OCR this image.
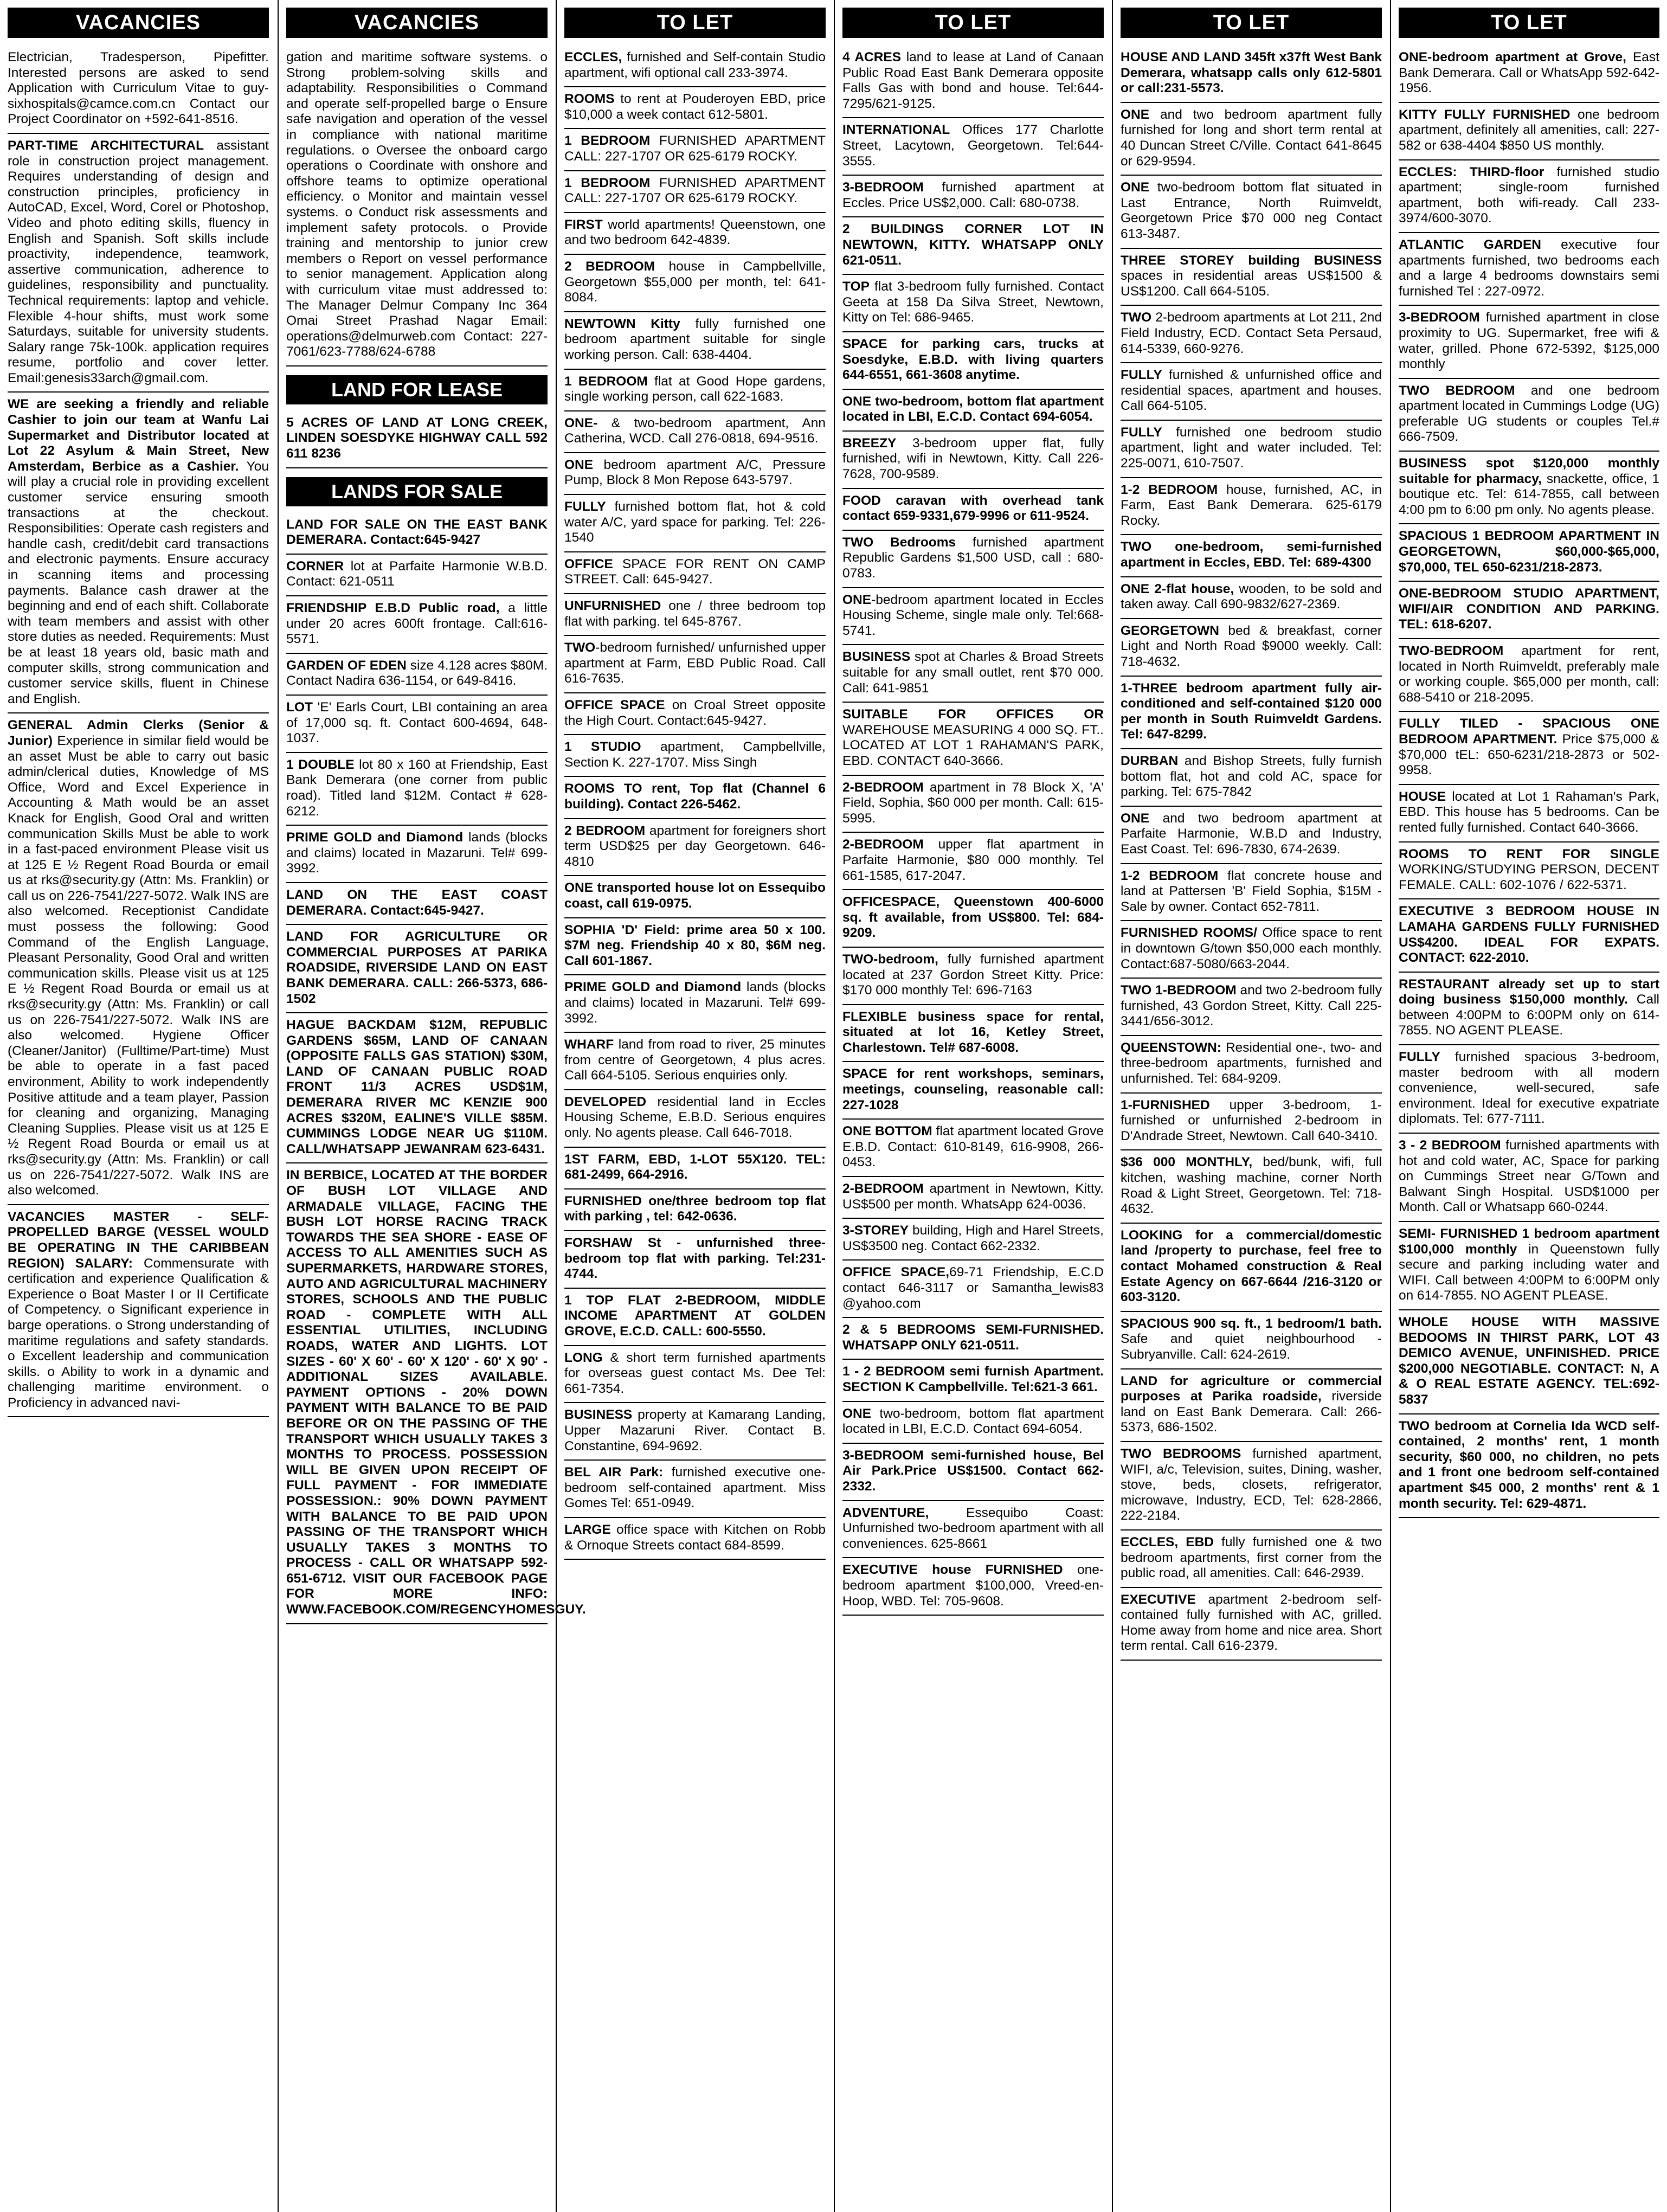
VACANCIES
Electrician, Tradesperson, Pipefitter. Interested persons are asked to send Application with Curriculum Vitae to guy-sixhospitals@camce.com.cn Contact our Project Coordinator on +592-641-8516.
PART-TIME ARCHITECTURAL assistant role in construction project management. Requires understanding of design and construction principles, proficiency in AutoCAD, Excel, Word, Corel or Photoshop, Video and photo editing skills, fluency in English and Spanish. Soft skills include proactivity, independence, teamwork, assertive communication, adherence to guidelines, responsibility and punctuality. Technical requirements: laptop and vehicle. Flexible 4-hour shifts, must work some Saturdays, suitable for university students. Salary range 75k-100k. application requires resume, portfolio and cover letter. Email:genesis33arch@gmail.com.
WE are seeking a friendly and reliable Cashier to join our team at Wanfu Lai Supermarket and Distributor located at Lot 22 Asylum & Main Street, New Amsterdam, Berbice as a Cashier. You will play a crucial role in providing excellent customer service ensuring smooth transactions at the checkout. Responsibilities: Operate cash registers and handle cash, credit/debit card transactions and electronic payments. Ensure accuracy in scanning items and processing payments. Balance cash drawer at the beginning and end of each shift. Collaborate with team members and assist with other store duties as needed. Requirements: Must be at least 18 years old, basic math and computer skills, strong communication and customer service skills, fluent in Chinese and English.
GENERAL Admin Clerks (Senior & Junior) Experience in similar field would be an asset Must be able to carry out basic admin/clerical duties, Knowledge of MS Office, Word and Excel Experience in Accounting & Math would be an asset Knack for English, Good Oral and written communication Skills Must be able to work in a fast-paced environment Please visit us at 125 E ½ Regent Road Bourda or email us at rks@security.gy (Attn: Ms. Franklin) or call us on 226-7541/227-5072. Walk INS are also welcomed. Receptionist Candidate must possess the following: Good Command of the English Language, Pleasant Personality, Good Oral and written communication skills. Please visit us at 125 E ½ Regent Road Bourda or email us at rks@security.gy (Attn: Ms. Franklin) or call us on 226-7541/227-5072. Walk INS are also welcomed. Hygiene Officer (Cleaner/Janitor) (Fulltime/Part-time) Must be able to operate in a fast paced environment, Ability to work independently Positive attitude and a team player, Passion for cleaning and organizing, Managing Cleaning Supplies. Please visit us at 125 E ½ Regent Road Bourda or email us at rks@security.gy (Attn: Ms. Franklin) or call us on 226-7541/227-5072. Walk INS are also welcomed.
VACANCIES MASTER - SELF-PROPELLED BARGE (VESSEL WOULD BE OPERATING IN THE CARIBBEAN REGION) SALARY: Commensurate with certification and experience Qualification & Experience o Boat Master I or II Certificate of Competency. o Significant experience in barge operations. o Strong understanding of maritime regulations and safety standards. o Excellent leadership and communication skills. o Ability to work in a dynamic and challenging maritime environment. o Proficiency in advanced navi-
VACANCIES
gation and maritime software systems. o Strong problem-solving skills and adaptability. Responsibilities o Command and operate self-propelled barge o Ensure safe navigation and operation of the vessel in compliance with national maritime regulations. o Oversee the onboard cargo operations o Coordinate with onshore and offshore teams to optimize operational efficiency. o Monitor and maintain vessel systems. o Conduct risk assessments and implement safety protocols. o Provide training and mentorship to junior crew members o Report on vessel performance to senior management. Application along with curriculum vitae must addressed to: The Manager Delmur Company Inc 364 Omai Street Prashad Nagar Email: operations@delmurweb.com Contact: 227-7061/623-7788/624-6788
LAND FOR LEASE
5 ACRES OF LAND AT LONG CREEK, LINDEN SOESDYKE HIGHWAY CALL 592 611 8236
LANDS FOR SALE
LAND FOR SALE ON THE EAST BANK DEMERARA. Contact:645-9427
CORNER lot at Parfaite Harmonie W.B.D. Contact: 621-0511
FRIENDSHIP E.B.D Public road, a little under 20 acres 600ft frontage. Call:616-5571.
GARDEN OF EDEN size 4.128 acres $80M. Contact Nadira 636-1154, or 649-8416.
LOT 'E' Earls Court, LBI containing an area of 17,000 sq. ft. Contact 600-4694, 648-1037.
1 DOUBLE lot 80 x 160 at Friendship, East Bank Demerara (one corner from public road). Titled land $12M. Contact # 628-6212.
PRIME GOLD and Diamond lands (blocks and claims) located in Mazaruni. Tel# 699-3992.
LAND ON THE EAST COAST DEMERARA. Contact:645-9427.
LAND FOR AGRICULTURE OR COMMERCIAL PURPOSES AT PARIKA ROADSIDE, RIVERSIDE LAND ON EAST BANK DEMERARA. CALL: 266-5373, 686-1502
HAGUE BACKDAM $12M, REPUBLIC GARDENS $65M, LAND OF CANAAN (OPPOSITE FALLS GAS STATION) $30M, LAND OF CANAAN PUBLIC ROAD FRONT 11/3 ACRES USD$1M, DEMERARA RIVER MC KENZIE 900 ACRES $320M, EALINE'S VILLE $85M. CUMMINGS LODGE NEAR UG $110M. CALL/WHATSAPP JEWANRAM 623-6431.
IN BERBICE, LOCATED AT THE BORDER OF BUSH LOT VILLAGE AND ARMADALE VILLAGE, FACING THE BUSH LOT HORSE RACING TRACK TOWARDS THE SEA SHORE - EASE OF ACCESS TO ALL AMENITIES SUCH AS SUPERMARKETS, HARDWARE STORES, AUTO AND AGRICULTURAL MACHINERY STORES, SCHOOLS AND THE PUBLIC ROAD - COMPLETE WITH ALL ESSENTIAL UTILITIES, INCLUDING ROADS, WATER AND LIGHTS. LOT SIZES - 60' X 60' - 60' X 120' - 60' X 90' - ADDITIONAL SIZES AVAILABLE. PAYMENT OPTIONS - 20% DOWN PAYMENT WITH BALANCE TO BE PAID BEFORE OR ON THE PASSING OF THE TRANSPORT WHICH USUALLY TAKES 3 MONTHS TO PROCESS. POSSESSION WILL BE GIVEN UPON RECEIPT OF FULL PAYMENT - FOR IMMEDIATE POSSESSION.: 90% DOWN PAYMENT WITH BALANCE TO BE PAID UPON PASSING OF THE TRANSPORT WHICH USUALLY TAKES 3 MONTHS TO PROCESS - CALL OR WHATSAPP 592-651-6712. VISIT OUR FACEBOOK PAGE FOR MORE INFO: WWW.FACEBOOK.COM/REGENCYHOMESGUY.
TO LET
ECCLES, furnished and Self-contain Studio apartment, wifi optional call 233-3974.
ROOMS to rent at Pouderoyen EBD, price $10,000 a week contact 612-5801.
1 BEDROOM FURNISHED APARTMENT CALL: 227-1707 OR 625-6179 ROCKY.
1 BEDROOM FURNISHED APARTMENT CALL: 227-1707 OR 625-6179 ROCKY.
FIRST world apartments! Queenstown, one and two bedroom 642-4839.
2 BEDROOM house in Campbellville, Georgetown $55,000 per month, tel: 641-8084.
NEWTOWN Kitty fully furnished one bedroom apartment suitable for single working person. Call: 638-4404.
1 BEDROOM flat at Good Hope gardens, single working person, call 622-1683.
ONE- & two-bedroom apartment, Ann Catherina, WCD. Call 276-0818, 694-9516.
ONE bedroom apartment A/C, Pressure Pump, Block 8 Mon Repose 643-5797.
FULLY furnished bottom flat, hot & cold water A/C, yard space for parking. Tel: 226-1540
OFFICE SPACE FOR RENT ON CAMP STREET. Call: 645-9427.
UNFURNISHED one / three bedroom top flat with parking. tel 645-8767.
TWO-bedroom furnished/ unfurnished upper apartment at Farm, EBD Public Road. Call 616-7635.
OFFICE SPACE on Croal Street opposite the High Court. Contact:645-9427.
1 STUDIO apartment, Campbellville, Section K. 227-1707. Miss Singh
ROOMS TO rent, Top flat (Channel 6 building). Contact 226-5462.
2 BEDROOM apartment for foreigners short term USD$25 per day Georgetown. 646-4810
ONE transported house lot on Essequibo coast, call 619-0975.
SOPHIA 'D' Field: prime area 50 x 100. $7M neg. Friendship 40 x 80, $6M neg. Call 601-1867.
PRIME GOLD and Diamond lands (blocks and claims) located in Mazaruni. Tel# 699-3992.
WHARF land from road to river, 25 minutes from centre of Georgetown, 4 plus acres. Call 664-5105. Serious enquiries only.
DEVELOPED residential land in Eccles Housing Scheme, E.B.D. Serious enquires only. No agents please. Call 646-7018.
1ST FARM, EBD, 1-LOT 55X120. TEL: 681-2499, 664-2916.
FURNISHED one/three bedroom top flat with parking , tel: 642-0636.
FORSHAW St - unfurnished three-bedroom top flat with parking. Tel:231-4744.
1 TOP FLAT 2-BEDROOM, MIDDLE INCOME APARTMENT AT GOLDEN GROVE, E.C.D. CALL: 600-5550.
LONG & short term furnished apartments for overseas guest contact Ms. Dee Tel: 661-7354.
BUSINESS property at Kamarang Landing, Upper Mazaruni River. Contact B. Constantine, 694-9692.
BEL AIR Park: furnished executive one-bedroom self-contained apartment. Miss Gomes Tel: 651-0949.
LARGE office space with Kitchen on Robb & Ornoque Streets contact 684-8599.
TO LET
4 ACRES land to lease at Land of Canaan Public Road East Bank Demerara opposite Falls Gas with bond and house. Tel:644-7295/621-9125.
INTERNATIONAL Offices 177 Charlotte Street, Lacytown, Georgetown. Tel:644-3555.
3-BEDROOM furnished apartment at Eccles. Price US$2,000. Call: 680-0738.
2 BUILDINGS CORNER LOT IN NEWTOWN, KITTY. WHATSAPP ONLY 621-0511.
TOP flat 3-bedroom fully furnished. Contact Geeta at 158 Da Silva Street, Newtown, Kitty on Tel: 686-9465.
SPACE for parking cars, trucks at Soesdyke, E.B.D. with living quarters 644-6551, 661-3608 anytime.
ONE two-bedroom, bottom flat apartment located in LBI, E.C.D. Contact 694-6054.
BREEZY 3-bedroom upper flat, fully furnished, wifi in Newtown, Kitty. Call 226-7628, 700-9589.
FOOD caravan with overhead tank contact 659-9331,679-9996 or 611-9524.
TWO Bedrooms furnished apartment Republic Gardens $1,500 USD, call : 680-0783.
ONE-bedroom apartment located in Eccles Housing Scheme, single male only. Tel:668-5741.
BUSINESS spot at Charles & Broad Streets suitable for any small outlet, rent $70 000. Call: 641-9851
SUITABLE FOR OFFICES OR WAREHOUSE MEASURING 4 000 SQ. FT.. LOCATED AT LOT 1 RAHAMAN'S PARK, EBD. CONTACT 640-3666.
2-BEDROOM apartment in 78 Block X, 'A' Field, Sophia, $60 000 per month. Call: 615-5995.
2-BEDROOM upper flat apartment in Parfaite Harmonie, $80 000 monthly. Tel 661-1585, 617-2047.
OFFICESPACE, Queenstown 400-6000 sq. ft available, from US$800. Tel: 684-9209.
TWO-bedroom, fully furnished apartment located at 237 Gordon Street Kitty. Price: $170 000 monthly Tel: 696-7163
FLEXIBLE business space for rental, situated at lot 16, Ketley Street, Charlestown. Tel# 687-6008.
SPACE for rent workshops, seminars, meetings, counseling, reasonable call: 227-1028
ONE BOTTOM flat apartment located Grove E.B.D. Contact: 610-8149, 616-9908, 266-0453.
2-BEDROOM apartment in Newtown, Kitty. US$500 per month. WhatsApp 624-0036.
3-STOREY building, High and Harel Streets, US$3500 neg. Contact 662-2332.
OFFICE SPACE,69-71 Friendship, E.C.D contact 646-3117 or Samantha_lewis83 @yahoo.com
2 & 5 BEDROOMS SEMI-FURNISHED. WHATSAPP ONLY 621-0511.
1 - 2 BEDROOM semi furnish Apartment. SECTION K Campbellville. Tel:621-3 661.
ONE two-bedroom, bottom flat apartment located in LBI, E.C.D. Contact 694-6054.
3-BEDROOM semi-furnished house, Bel Air Park.Price US$1500. Contact 662-2332.
ADVENTURE, Essequibo Coast: Unfurnished two-bedroom apartment with all conveniences. 625-8661
EXECUTIVE house FURNISHED one-bedroom apartment $100,000, Vreed-en-Hoop, WBD. Tel: 705-9608.
TO LET
HOUSE AND LAND 345ft x37ft West Bank Demerara, whatsapp calls only 612-5801 or call:231-5573.
ONE and two bedroom apartment fully furnished for long and short term rental at 40 Duncan Street C/Ville. Contact 641-8645 or 629-9594.
ONE two-bedroom bottom flat situated in Last Entrance, North Ruimveldt, Georgetown Price $70 000 neg Contact 613-3487.
THREE STOREY building BUSINESS spaces in residential areas US$1500 & US$1200. Call 664-5105.
TWO 2-bedroom apartments at Lot 211, 2nd Field Industry, ECD. Contact Seta Persaud, 614-5339, 660-9276.
FULLY furnished & unfurnished office and residential spaces, apartment and houses. Call 664-5105.
FULLY furnished one bedroom studio apartment, light and water included. Tel: 225-0071, 610-7507.
1-2 BEDROOM house, furnished, AC, in Farm, East Bank Demerara. 625-6179 Rocky.
TWO one-bedroom, semi-furnished apartment in Eccles, EBD. Tel: 689-4300
ONE 2-flat house, wooden, to be sold and taken away. Call 690-9832/627-2369.
GEORGETOWN bed & breakfast, corner Light and North Road $9000 weekly. Call: 718-4632.
1-THREE bedroom apartment fully air-conditioned and self-contained $120 000 per month in South Ruimveldt Gardens. Tel: 647-8299.
DURBAN and Bishop Streets, fully furnish bottom flat, hot and cold AC, space for parking. Tel: 675-7842
ONE and two bedroom apartment at Parfaite Harmonie, W.B.D and Industry, East Coast. Tel: 696-7830, 674-2639.
1-2 BEDROOM flat concrete house and land at Pattersen 'B' Field Sophia, $15M - Sale by owner. Contact 652-7811.
FURNISHED ROOMS/ Office space to rent in downtown G/town $50,000 each monthly. Contact:687-5080/663-2044.
TWO 1-BEDROOM and two 2-bedroom fully furnished, 43 Gordon Street, Kitty. Call 225- 3441/656-3012.
QUEENSTOWN: Residential one-, two- and three-bedroom apartments, furnished and unfurnished. Tel: 684-9209.
1-FURNISHED upper 3-bedroom, 1-furnished or unfurnished 2-bedroom in D'Andrade Street, Newtown. Call 640-3410.
$36 000 MONTHLY, bed/bunk, wifi, full kitchen, washing machine, corner North Road & Light Street, Georgetown. Tel: 718-4632.
LOOKING for a commercial/domestic land /property to purchase, feel free to contact Mohamed construction & Real Estate Agency on 667-6644 /216-3120 or 603-3120.
SPACIOUS 900 sq. ft., 1 bedroom/1 bath. Safe and quiet neighbourhood - Subryanville. Call: 624-2619.
LAND for agriculture or commercial purposes at Parika roadside, riverside land on East Bank Demerara. Call: 266-5373, 686-1502.
TWO BEDROOMS furnished apartment, WIFI, a/c, Television, suites, Dining, washer, stove, beds, closets, refrigerator, microwave, Industry, ECD, Tel: 628-2866, 222-2184.
ECCLES, EBD fully furnished one & two bedroom apartments, first corner from the public road, all amenities. Call: 646-2939.
EXECUTIVE apartment 2-bedroom self-contained fully furnished with AC, grilled. Home away from home and nice area. Short term rental. Call 616-2379.
TO LET
ONE-bedroom apartment at Grove, East Bank Demerara. Call or WhatsApp 592-642-1956.
KITTY FULLY FURNISHED one bedroom apartment, definitely all amenities, call: 227-582 or 638-4404 $850 US monthly.
ECCLES: THIRD-floor furnished studio apartment; single-room furnished apartment, both wifi-ready. Call 233-3974/600-3070.
ATLANTIC GARDEN executive four apartments furnished, two bedrooms each and a large 4 bedrooms downstairs semi furnished Tel : 227-0972.
3-BEDROOM furnished apartment in close proximity to UG. Supermarket, free wifi & water, grilled. Phone 672-5392, $125,000 monthly
TWO BEDROOM and one bedroom apartment located in Cummings Lodge (UG) preferable UG students or couples Tel.# 666-7509.
BUSINESS spot $120,000 monthly suitable for pharmacy, snackette, office, 1 boutique etc. Tel: 614-7855, call between 4:00 pm to 6:00 pm only. No agents please.
SPACIOUS 1 BEDROOM APARTMENT IN GEORGETOWN, $60,000-$65,000, $70,000, TEL 650-6231/218-2873.
ONE-BEDROOM STUDIO APARTMENT, WIFI/AIR CONDITION AND PARKING. TEL: 618-6207.
TWO-BEDROOM apartment for rent, located in North Ruimveldt, preferably male or working couple. $65,000 per month, call: 688-5410 or 218-2095.
FULLY TILED - SPACIOUS ONE BEDROOM APARTMENT. Price $75,000 & $70,000 tEL: 650-6231/218-2873 or 502-9958.
HOUSE located at Lot 1 Rahaman's Park, EBD. This house has 5 bedrooms. Can be rented fully furnished. Contact 640-3666.
ROOMS TO RENT FOR SINGLE WORKING/STUDYING PERSON, DECENT FEMALE. CALL: 602-1076 / 622-5371.
EXECUTIVE 3 BEDROOM HOUSE IN LAMAHA GARDENS FULLY FURNISHED US$4200. IDEAL FOR EXPATS. CONTACT: 622-2010.
RESTAURANT already set up to start doing business $150,000 monthly. Call between 4:00PM to 6:00PM only on 614-7855. NO AGENT PLEASE.
FULLY furnished spacious 3-bedroom, master bedroom with all modern convenience, well-secured, safe environment. Ideal for executive expatriate diplomats. Tel: 677-7111.
3 - 2 BEDROOM furnished apartments with hot and cold water, AC, Space for parking on Cummings Street near G/Town and Balwant Singh Hospital. USD$1000 per Month. Call or Whatsapp 660-0244.
SEMI- FURNISHED 1 bedroom apartment $100,000 monthly in Queenstown fully secure and parking including water and WIFI. Call between 4:00PM to 6:00PM only on 614-7855. NO AGENT PLEASE.
WHOLE HOUSE WITH MASSIVE BEDOOMS IN THIRST PARK, LOT 43 DEMICO AVENUE, UNFINISHED. PRICE $200,000 NEGOTIABLE. CONTACT: N, A & O REAL ESTATE AGENCY. TEL:692-5837
TWO bedroom at Cornelia Ida WCD self-contained, 2 months' rent, 1 month security, $60 000, no children, no pets and 1 front one bedroom self-contained apartment $45 000, 2 months' rent & 1 month security. Tel: 629-4871.
